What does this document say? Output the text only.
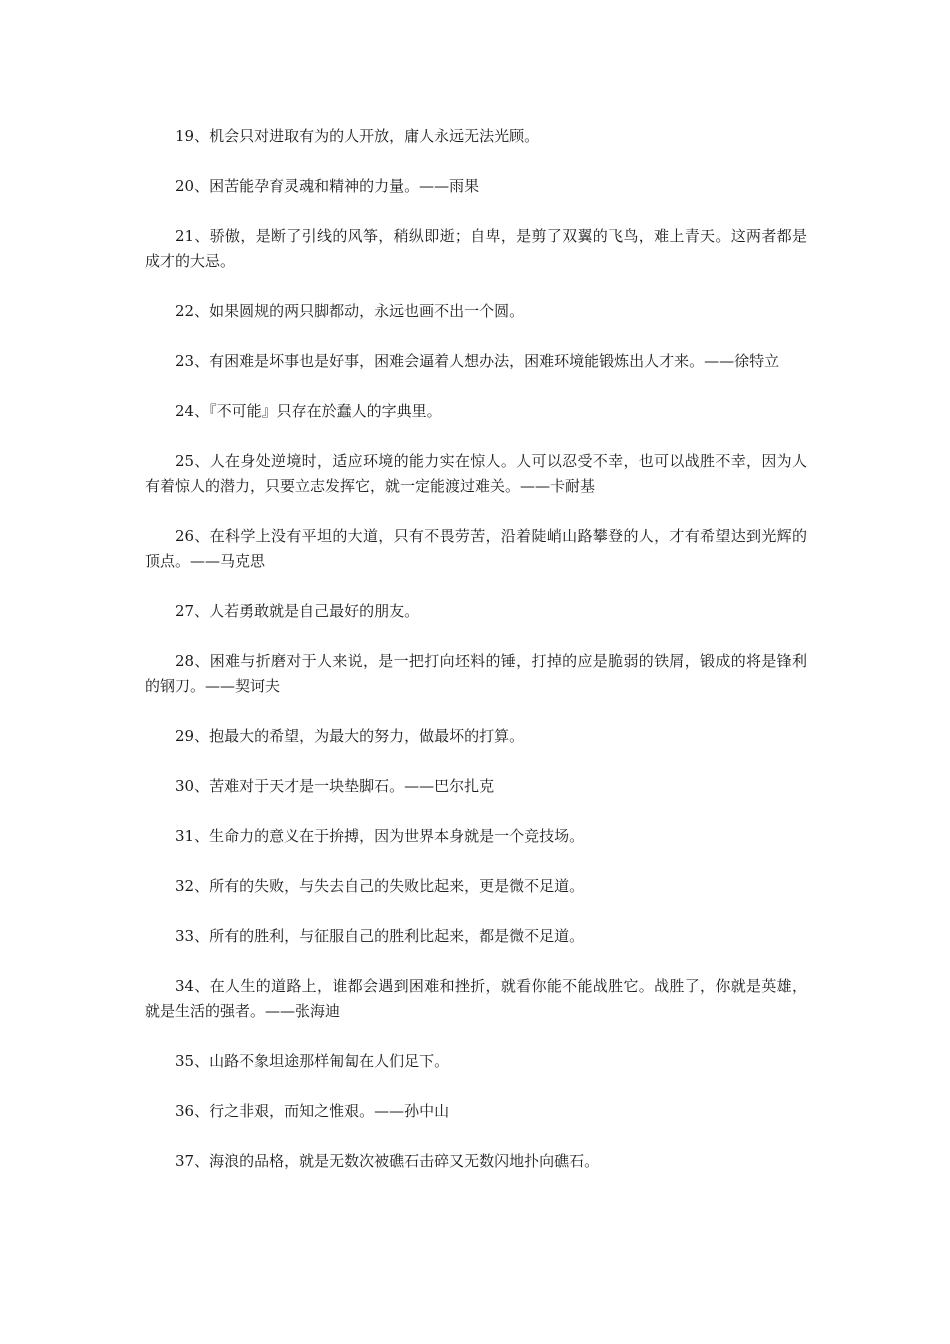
19、机会只对进取有为的人开放，庸人永远无法光顾。

20、困苦能孕育灵魂和精神的力量。——雨果

21、骄傲，是断了引线的风筝，稍纵即逝；自卑，是剪了双翼的飞鸟，难上青天。这两者都是成才的大忌。

22、如果圆规的两只脚都动，永远也画不出一个圆。

23、有困难是坏事也是好事，困难会逼着人想办法，困难环境能锻炼出人才来。——徐特立

24、『不可能』只存在於蠢人的字典里。

25、人在身处逆境时，适应环境的能力实在惊人。人可以忍受不幸，也可以战胜不幸，因为人有着惊人的潜力，只要立志发挥它，就一定能渡过难关。——卡耐基

26、在科学上没有平坦的大道，只有不畏劳苦，沿着陡峭山路攀登的人，才有希望达到光辉的顶点。——马克思

27、人若勇敢就是自己最好的朋友。

28、困难与折磨对于人来说，是一把打向坯料的锤，打掉的应是脆弱的铁屑，锻成的将是锋利的钢刀。——契诃夫

29、抱最大的希望，为最大的努力，做最坏的打算。

30、苦难对于天才是一块垫脚石。——巴尔扎克

31、生命力的意义在于拚搏，因为世界本身就是一个竞技场。

32、所有的失败，与失去自己的失败比起来，更是微不足道。

33、所有的胜利，与征服自己的胜利比起来，都是微不足道。

34、在人生的道路上，谁都会遇到困难和挫折，就看你能不能战胜它。战胜了，你就是英雄，就是生活的强者。——张海迪

35、山路不象坦途那样匍匐在人们足下。

36、行之非艰，而知之惟艰。——孙中山

37、海浪的品格，就是无数次被礁石击碎又无数闪地扑向礁石。
